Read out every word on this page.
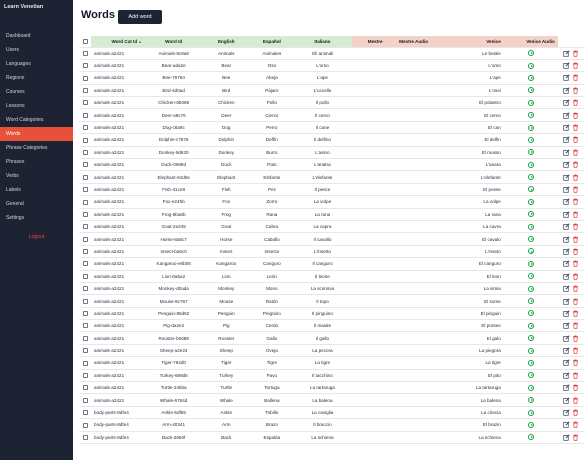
Learn Venetian
Dashboard
Users
Languages
Regions
Courses
Lessons
Word Categories
Words
Phrase Categories
Phrases
Verbs
Labels
General
Settings
Logout
Words	Add word
	Word Cat Id▲	Word Id	English	Español	Italiano	Mestre	Mestre Audio	Venice	Venice Audio	
	animals-a2421	Animals-9c8a9	Animals	Animales	Gli animali			Le bestie		
	animals-a2421	Bear-ada2e	Bear	Oso	L'orso			L'orso		
	animals-a2421	Bee-76764	Bee	Abeja	L'ape			L'ape		
	animals-a2421	Bird-4d0ad	Bird	Pájaro	L'uccello			L'osei		
	animals-a2421	Chicken-6b088	Chicken	Pollo	Il pollo			El polastro		
	animals-a2421	Deer-a9c76	Deer	Ciervo	Il cervo			El cervo		
	animals-a2421	Dog-c8a9c	Dog	Perro	Il cane			El can		
	animals-a2421	Dolphin-c7676	Dolphin	Delfín	Il delfino			El delfin		
	animals-a2421	Donkey-9d620	Donkey	Burro	L'asino			El musso		
	animals-a2421	Duck-0688d	Duck	Pato	L'anatra			L'anara		
	animals-a2421	Elephant-64d0e	Elephant	Elefante	L'elefante			L'elefante		
	animals-a2421	Fish-41ce8	Fish	Pez	Il pesce			El pesse		
	animals-a2421	Fox-e245b	Fox	Zorro	La volpe			La volpe		
	animals-a2421	Frog-5ba6b	Frog	Rana	La rana			La rana		
	animals-a2421	Goat-2e245	Goat	Cabra	La capra			La cavra		
	animals-a2421	Horse-8a8c7	Horse	Caballo	Il cavallo			El cavalo		
	animals-a2421	Insect-ba6c0	Insect	Insecto	L'insetto			L'inseto		
	animals-a2421	Kangaroo-e6b06	Kangaroo	Canguro	Il canguro			El canguro		
	animals-a2421	Lion-0aba2	Lion	León	Il leone			El leon		
	animals-a2421	Monkey-d0ada	Monkey	Mono	La scimmia			La simia		
	animals-a2421	Mouse-9c767	Mouse	Ratón	Il topo			El sorse		
	animals-a2421	Penguin-85d62	Penguin	Pingüino	Il pinguino			El pinguin		
	animals-a2421	Pig-da2e2	Pig	Cerdo	Il maiale			El porsee		
	animals-a2421	Rooster-b0689	Rooster	Gallo	Il gallo			El galo		
	animals-a2421	Sheep-a2e24	Sheep	Oveja	La pecora			La piegora		
	animals-a2421	Tiger-764d0	Tiger	Tigre	La tigre			La tigre		
	animals-a2421	Turkey-689d6	Turkey	Pavo	Il tacchino			El pito		
	animals-a2421	Turtle-245ba	Turtle	Tortuga	La tartaruga			La tartaruga		
	animals-a2421	Whale-6764d	Whale	Ballena	La balena			La balena		
	body-parts-8dfe4	Ankle-5df65	Ankle	Tobillo	La caviglia			La còecia		
	body-parts-8dfe4	Arm-40341	Arm	Brazo	Il braccio			El brazio		
	body-parts-8dfe4	Back-2660f	Back	Espalda	La schiena			La schiena		
